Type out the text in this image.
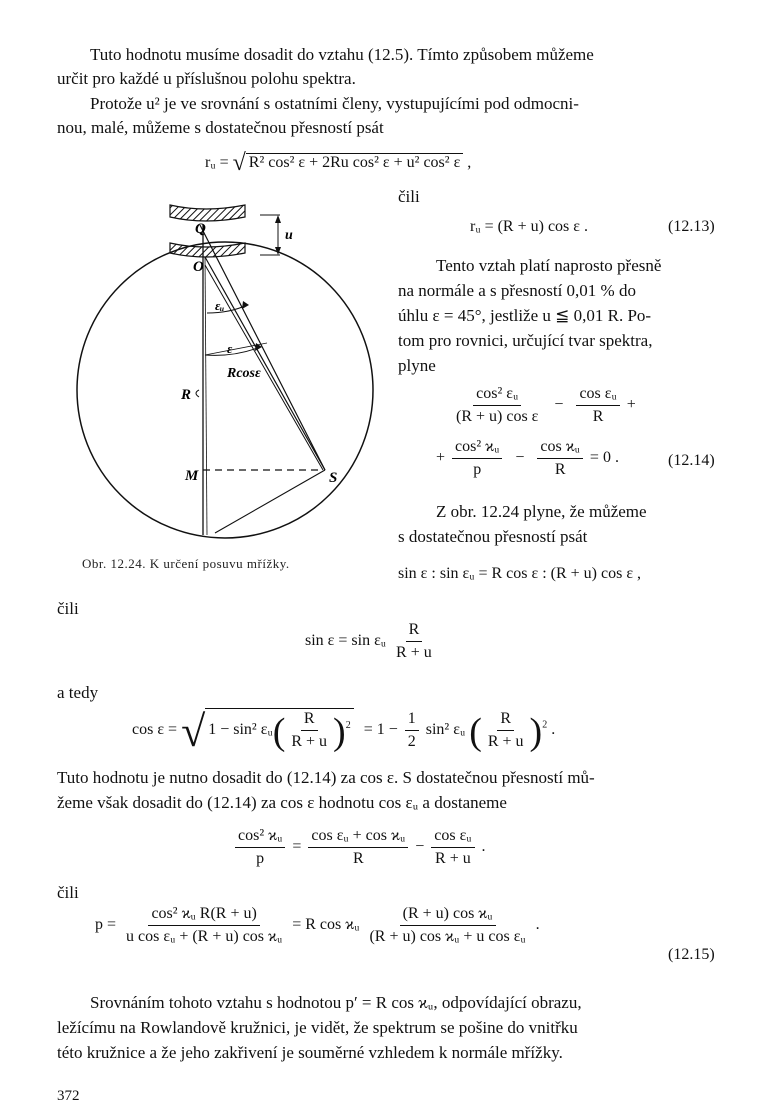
Tuto hodnotu musíme dosadit do vztahu (12.5). Tímto způsobem můžeme
určit pro každé u příslušnou polohu spektra.
Protože u² je ve srovnání s ostatními členy, vystupujícími pod odmocni-
nou, malé, můžeme s dostatečnou přesností psát
rᵤ = √ R² cos² ε + 2Ru cos² ε + u² cos² ε ,
čili
rᵤ = (R + u) cos ε .	(12.13)
Tento vztah platí naprosto přesně
na normále a s přesností 0,01 % do
úhlu ε = 45°, jestliže u ≦ 0,01 R. Po-
tom pro rovnici, určující tvar spektra,
plyne
$\frac{\text{cos² εᵤ}}{\text{(R + u) cos ε}} - \frac{\text{cos εᵤ}}{R}$ +
+ $\frac{\text{cos² ϰᵤ}}{p} - \frac{\text{cos ϰᵤ}}{R} = 0$ .	(12.14)
Z obr. 12.24 plyne, že můžeme
s dostatečnou přesností psát
sin ε : sin εᵤ = R cos ε : (R + u) cos ε ,
Q
O
u
εᵤ
ε
Rcosε
R
M	S
Obr. 12.24. K určení posuvu mřížky.
čili
sin ε = sin εᵤ $\frac{R}{R + u}$
a tedy
cos ε = √ 1 − sin² εᵤ( $\frac{R}{R + u} )^2 = 1 - \frac{1}{2} \sin^2$ εᵤ ( $\frac{R}{R + u} )^2$ .
Tuto hodnotu je nutno dosadit do (12.14) za cos ε. S dostatečnou přesností mů-
žeme však dosadit do (12.14) za cos ε hodnotu cos εᵤ a dostaneme
$\frac{\text{cos² ϰᵤ}}{p} = \frac{\text{cos εᵤ + cos ϰᵤ}}{R} - \frac{\text{cos εᵤ}}{R + u}$ .
čili
$p = \frac{\text{cos² ϰᵤ R(R + u)}}{\text{u cos εᵤ + (R + u) cos ϰᵤ}} = R$ cos ϰᵤ $\frac{\text{(R + u) cos ϰᵤ}}{\text{(R + u) cos ϰᵤ + u cos εᵤ}}$ .
(12.15)
Srovnáním tohoto vztahu s hodnotou p′ = R cos ϰᵤ, odpovídající obrazu,
ležícímu na Rowlandově kružnici, je vidět, že spektrum se pošine do vnitřku
této kružnice a že jeho zakřivení je souměrné vzhledem k normále mřížky.
372
